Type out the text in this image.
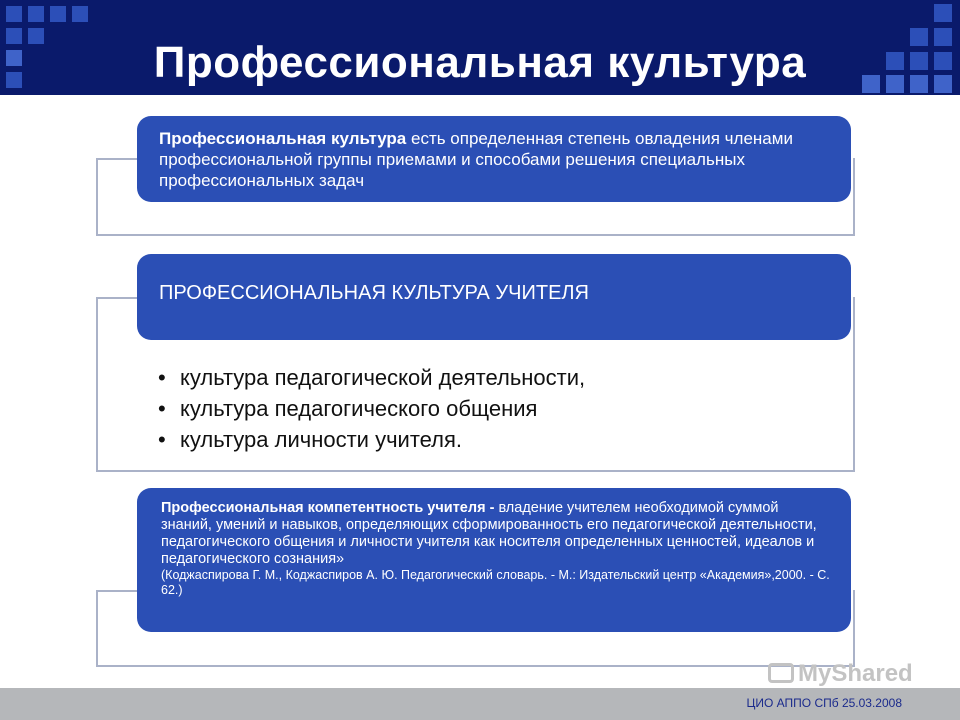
Профессиональная культура
Профессиональная культура есть определенная степень овладения членами профессиональной группы приемами и способами решения специальных профессиональных задач
ПРОФЕССИОНАЛЬНАЯ КУЛЬТУРА УЧИТЕЛЯ
• культура педагогической деятельности,
• культура педагогического общения
• культура личности учителя.
Профессиональная компетентность учителя - владение учителем необходимой суммой знаний, умений и навыков, определяющих сформированность его педагогической деятельности, педагогического общения и личности учителя как носителя определенных ценностей, идеалов и педагогического сознания»
(Коджаспирова Г. М., Коджаспиров А. Ю. Педагогический словарь. - М.: Издательский центр «Академия»,2000. - С. 62.)
MyShared
ЦИО АППО СПб 25.03.2008
